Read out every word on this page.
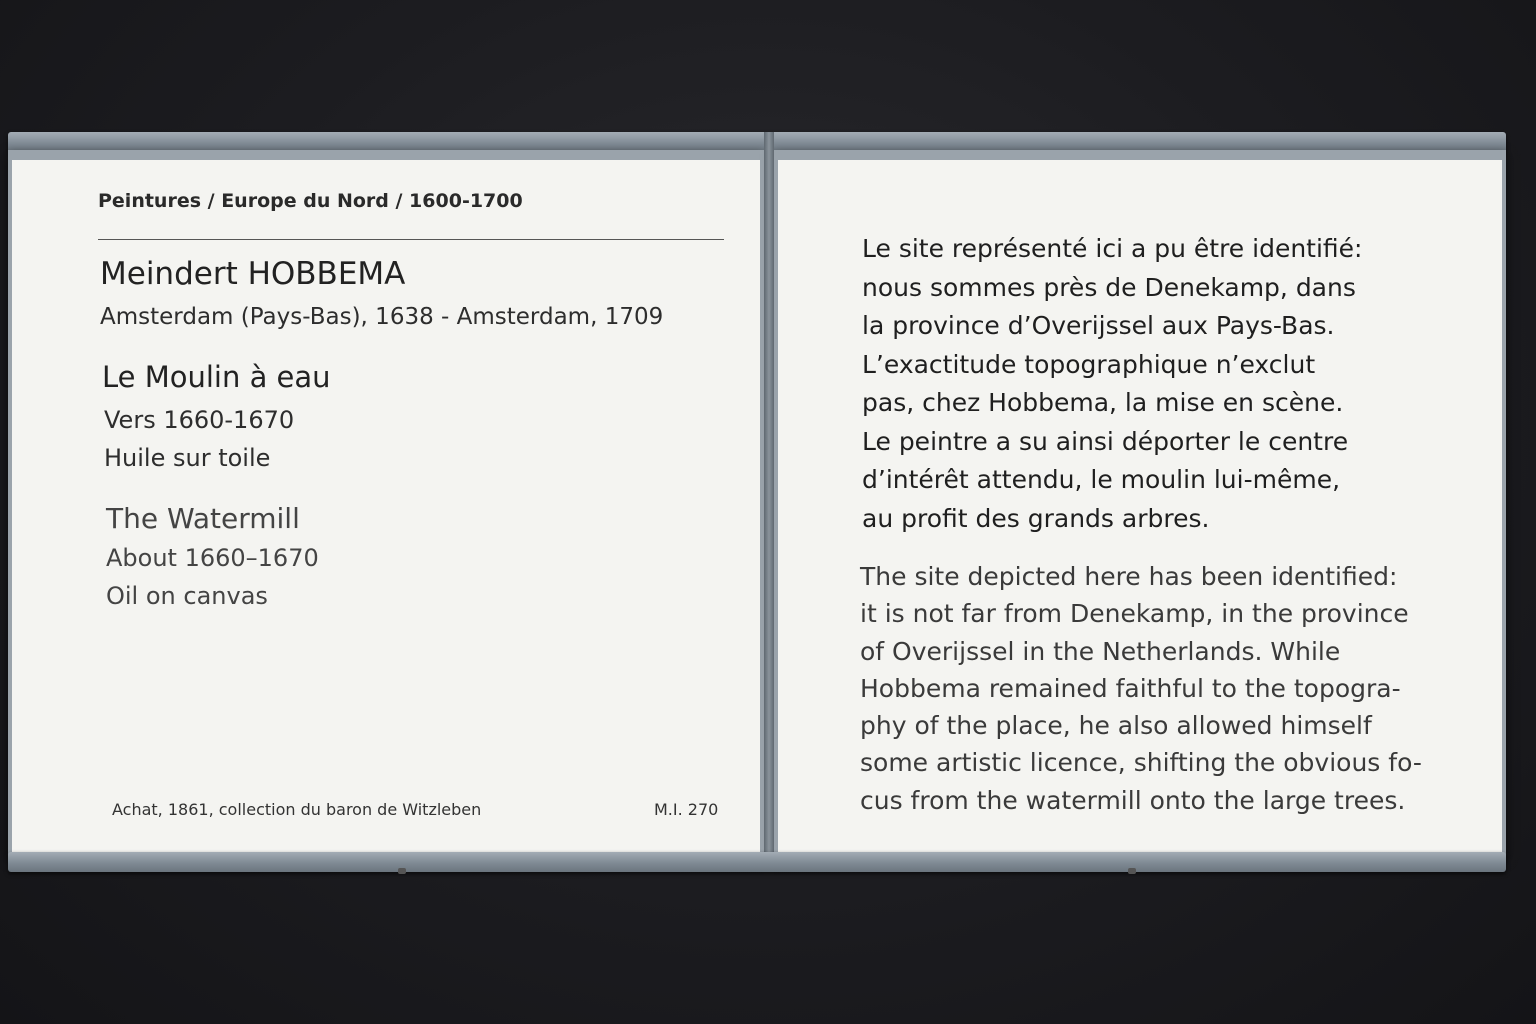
Peintures / Europe du Nord / 1600-1700
Meindert HOBBEMA
Amsterdam (Pays-Bas), 1638 - Amsterdam, 1709
Le Moulin à eau
Vers 1660-1670
Huile sur toile
The Watermill
About 1660–1670
Oil on canvas
Achat, 1861, collection du baron de Witzleben	M.I. 270

Le site représenté ici a pu être identifié:
nous sommes près de Denekamp, dans
la province d’Overijssel aux Pays-Bas.
L’exactitude topographique n’exclut
pas, chez Hobbema, la mise en scène.
Le peintre a su ainsi déporter le centre
d’intérêt attendu, le moulin lui-même,
au profit des grands arbres.

The site depicted here has been identified:
it is not far from Denekamp, in the province
of Overijssel in the Netherlands. While
Hobbema remained faithful to the topogra-
phy of the place, he also allowed himself
some artistic licence, shifting the obvious fo-
cus from the watermill onto the large trees.
